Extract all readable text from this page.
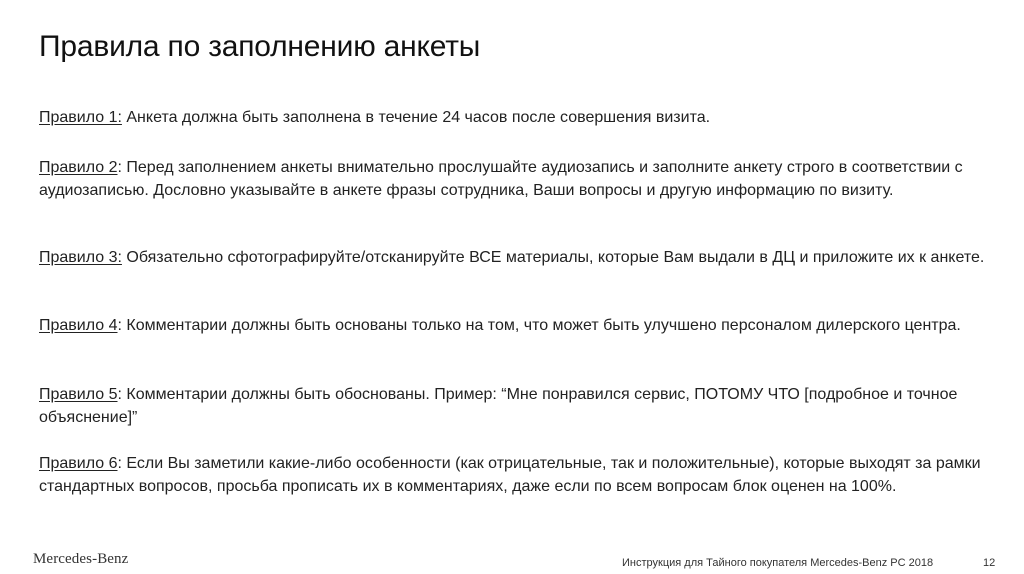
Правила по заполнению анкеты

Правило 1: Анкета должна быть заполнена в течение 24 часов после совершения визита.

Правило 2: Перед заполнением анкеты внимательно прослушайте аудиозапись и заполните анкету строго в соответствии с аудиозаписью. Дословно указывайте в анкете фразы сотрудника, Ваши вопросы и другую информацию по визиту.

Правило 3: Обязательно сфотографируйте/отсканируйте ВСЕ материалы, которые Вам выдали в ДЦ и приложите их к анкете.

Правило 4: Комментарии должны быть основаны только на том, что может быть улучшено персоналом дилерского центра.

Правило 5: Комментарии должны быть обоснованы. Пример: “Мне понравился сервис, ПОТОМУ ЧТО [подробное и точное объяснение]”

Правило 6: Если Вы заметили какие-либо особенности (как отрицательные, так и положительные), которые выходят за рамки стандартных вопросов, просьба прописать их в комментариях, даже если по всем вопросам блок оценен на 100%.

Mercedes-Benz	Инструкция для Тайного покупателя Mercedes-Benz PC 2018	12
